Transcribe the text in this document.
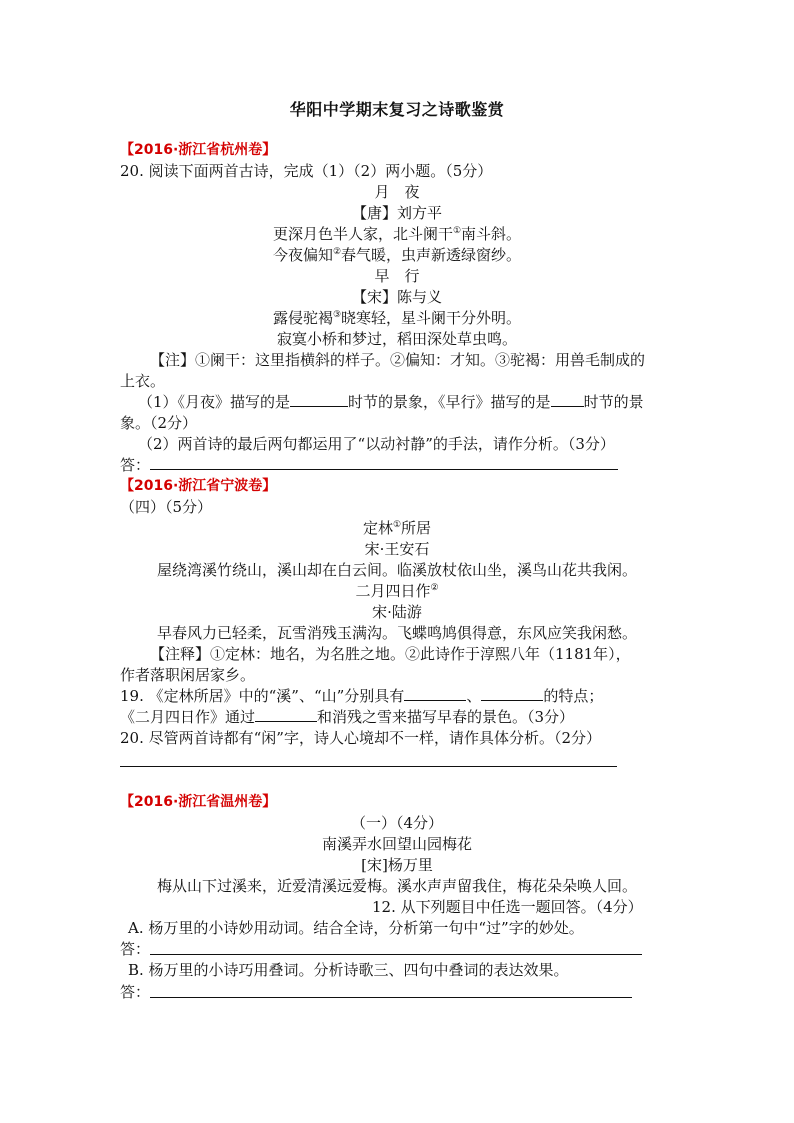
华阳中学期末复习之诗歌鉴赏
【2016·浙江省杭州卷】
20. 阅读下面两首古诗，完成（1）（2）两小题。（5分）
月　夜
【唐】刘方平
更深月色半人家，北斗阑干①南斗斜。
今夜偏知②春气暖，虫声新透绿窗纱。
早　行
【宋】陈与义
露侵驼褐③晓寒轻，星斗阑干分外明。
寂寞小桥和梦过，稻田深处草虫鸣。
【注】①阑干：这里指横斜的样子。②偏知：才知。③驼褐：用兽毛制成的
上衣。
（1）《月夜》描写的是	时节的景象，《早行》描写的是 时节的景
象。（2分）
（2）两首诗的最后两句都运用了“以动衬静”的手法，请作分析。（3分）
答：
【2016·浙江省宁波卷】
（四）（5分）
定林①所居
宋·王安石
屋绕湾溪竹绕山，溪山却在白云间。临溪放杖依山坐，溪鸟山花共我闲。
二月四日作②
宋·陆游
早春风力已轻柔，瓦雪消残玉满沟。飞蝶鸣鸠俱得意，东风应笑我闲愁。
【注释】①定林：地名，为名胜之地。②此诗作于淳熙八年（1181年），
作者落职闲居家乡。
19. 《定林所居》中的“溪”、“山”分别具有	、	的特点；
《二月四日作》通过	和消残之雪来描写早春的景色。（3分）
20. 尽管两首诗都有“闲”字，诗人心境却不一样，请作具体分析。（2分）
【2016·浙江省温州卷】
（一）（4分）
南溪弄水回望山园梅花
[宋]杨万里
梅从山下过溪来，近爱清溪远爱梅。溪水声声留我住，梅花朵朵唤人回。
12. 从下列题目中任选一题回答。（4分）
A. 杨万里的小诗妙用动词。结合全诗，分析第一句中“过”字的妙处。
答：
B. 杨万里的小诗巧用叠词。分析诗歌三、四句中叠词的表达效果。
答：
